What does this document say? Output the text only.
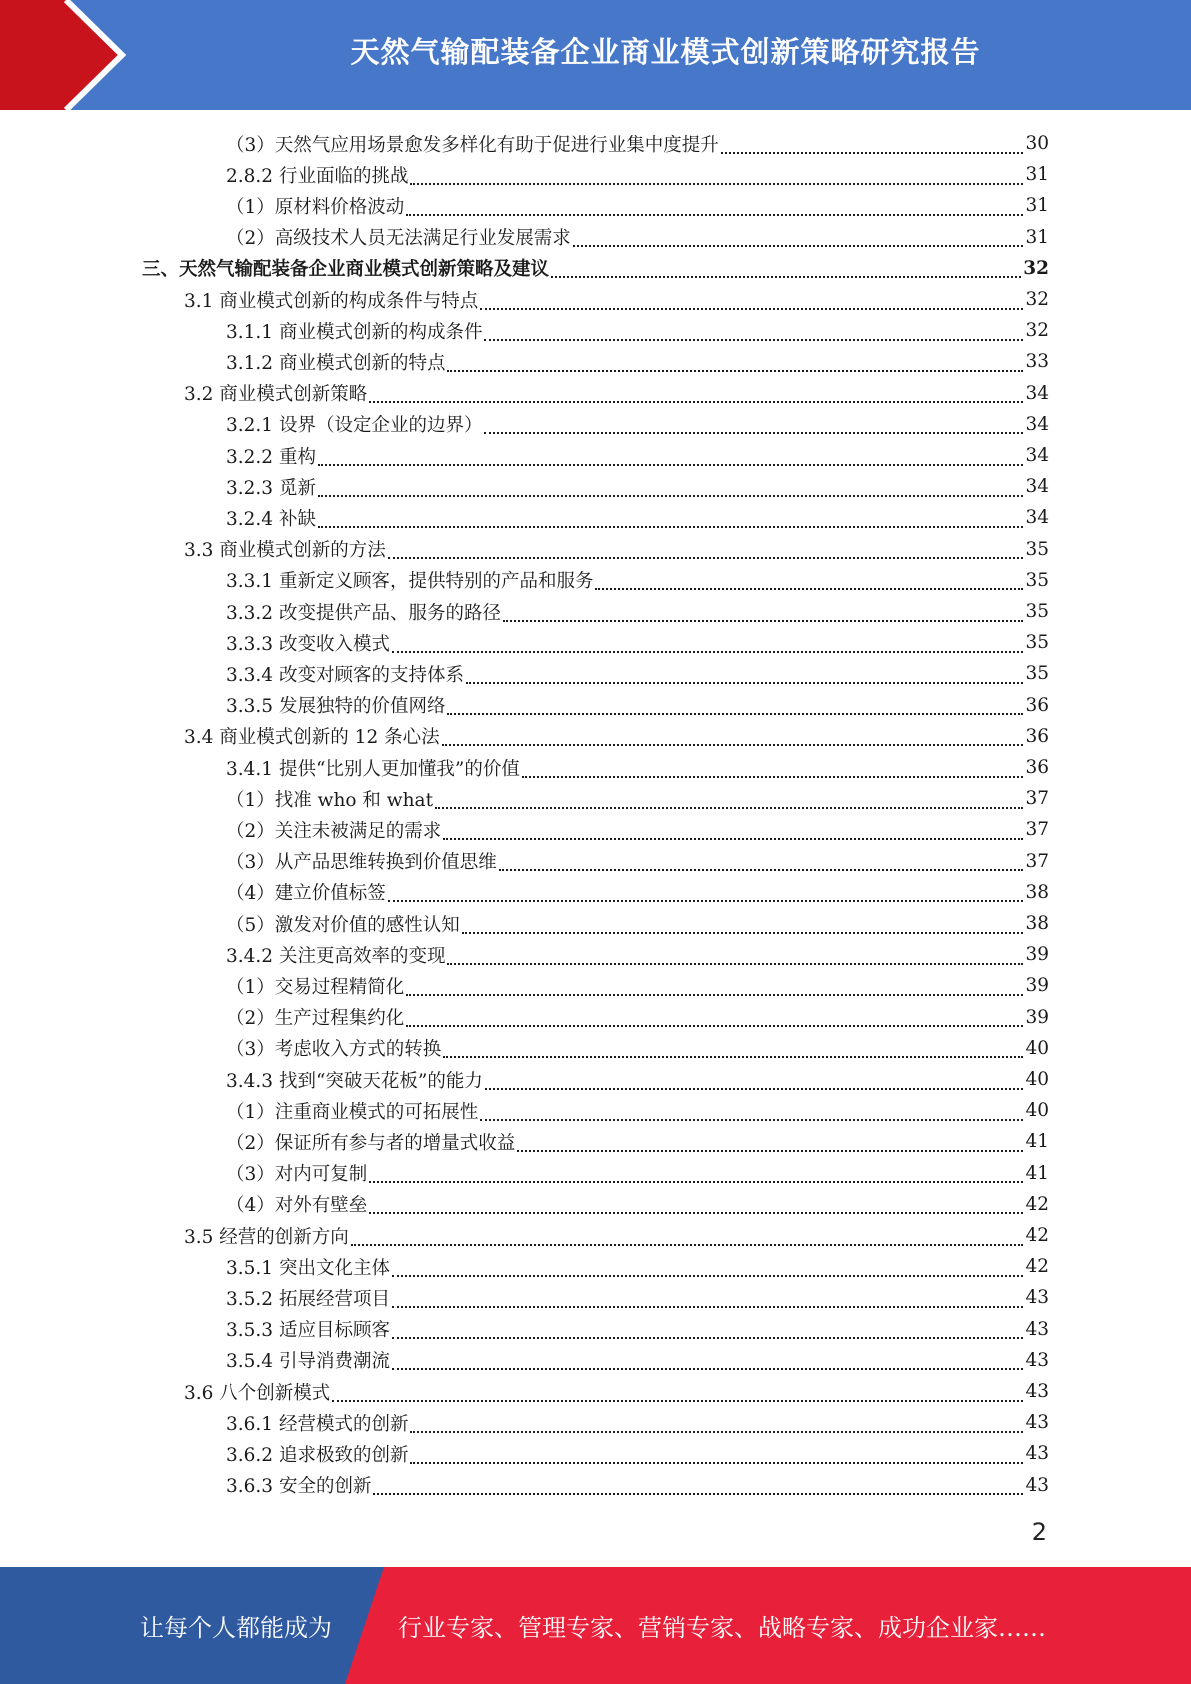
天然气输配装备企业商业模式创新策略研究报告
（3）天然气应用场景愈发多样化有助于促进行业集中度提升	30
2.8.2 行业面临的挑战	31
（1）原材料价格波动	31
（2）高级技术人员无法满足行业发展需求	31
三、天然气输配装备企业商业模式创新策略及建议	32
3.1 商业模式创新的构成条件与特点	32
3.1.1 商业模式创新的构成条件	32
3.1.2 商业模式创新的特点	33
3.2 商业模式创新策略	34
3.2.1 设界（设定企业的边界）	34
3.2.2 重构	34
3.2.3 觅新	34
3.2.4 补缺	34
3.3 商业模式创新的方法	35
3.3.1 重新定义顾客，提供特别的产品和服务	35
3.3.2 改变提供产品、服务的路径	35
3.3.3 改变收入模式	35
3.3.4 改变对顾客的支持体系	35
3.3.5 发展独特的价值网络	36
3.4 商业模式创新的 12 条心法	36
3.4.1 提供“比别人更加懂我”的价值	36
（1）找准 who 和 what	37
（2）关注未被满足的需求	37
（3）从产品思维转换到价值思维	37
（4）建立价值标签	38
（5）激发对价值的感性认知	38
3.4.2 关注更高效率的变现	39
（1）交易过程精简化	39
（2）生产过程集约化	39
（3）考虑收入方式的转换	40
3.4.3 找到“突破天花板”的能力	40
（1）注重商业模式的可拓展性	40
（2）保证所有参与者的增量式收益	41
（3）对内可复制	41
（4）对外有壁垒	42
3.5 经营的创新方向	42
3.5.1 突出文化主体	42
3.5.2 拓展经营项目	43
3.5.3 适应目标顾客	43
3.5.4 引导消费潮流	43
3.6 八个创新模式	43
3.6.1 经营模式的创新	43
3.6.2 追求极致的创新	43
3.6.3 安全的创新	43
2
让每个人都能成为	行业专家、管理专家、营销专家、战略专家、成功企业家……
